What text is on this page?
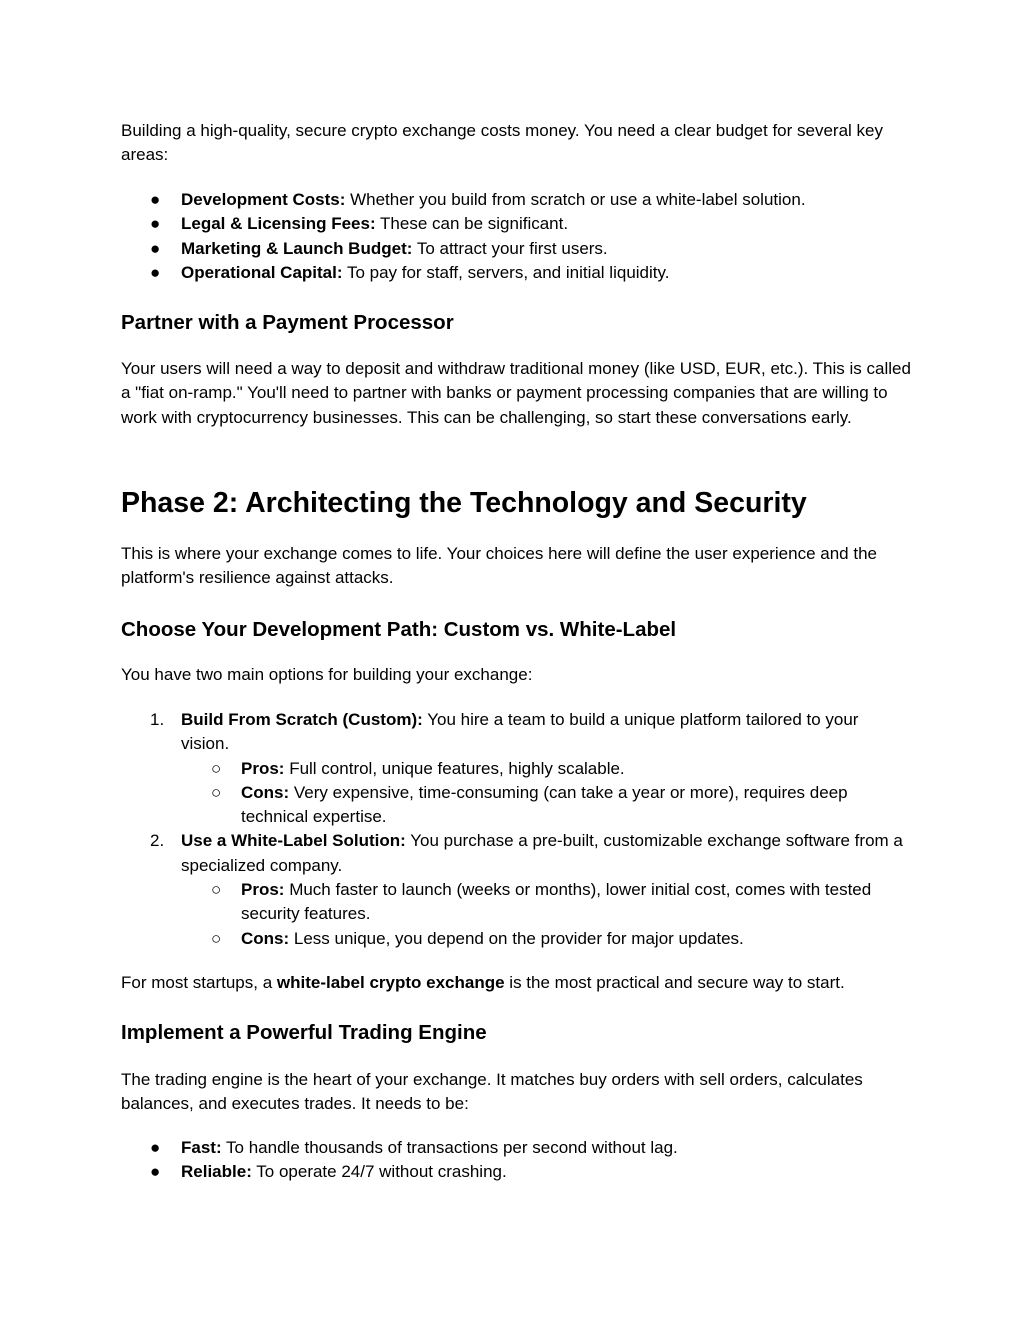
Building a high-quality, secure crypto exchange costs money. You need a clear budget for several key areas:

●	Development Costs: Whether you build from scratch or use a white-label solution.
●	Legal & Licensing Fees: These can be significant.
●	Marketing & Launch Budget: To attract your first users.
●	Operational Capital: To pay for staff, servers, and initial liquidity.
Partner with a Payment Processor

Your users will need a way to deposit and withdraw traditional money (like USD, EUR, etc.). This is called a "fiat on-ramp." You'll need to partner with banks or payment processing companies that are willing to work with cryptocurrency businesses. This can be challenging, so start these conversations early.

Phase 2: Architecting the Technology and Security

This is where your exchange comes to life. Your choices here will define the user experience and the platform's resilience against attacks.

Choose Your Development Path: Custom vs. White-Label

You have two main options for building your exchange:

1. Build From Scratch (Custom): You hire a team to build a unique platform tailored to your vision.
○ Pros: Full control, unique features, highly scalable.
○ Cons: Very expensive, time-consuming (can take a year or more), requires deep technical expertise.
2. Use a White-Label Solution: You purchase a pre-built, customizable exchange software from a specialized company.
○ Pros: Much faster to launch (weeks or months), lower initial cost, comes with tested security features.
○ Cons: Less unique, you depend on the provider for major updates.

For most startups, a white-label crypto exchange is the most practical and secure way to start.

Implement a Powerful Trading Engine

The trading engine is the heart of your exchange. It matches buy orders with sell orders, calculates balances, and executes trades. It needs to be:

●	Fast: To handle thousands of transactions per second without lag.
●	Reliable: To operate 24/7 without crashing.
